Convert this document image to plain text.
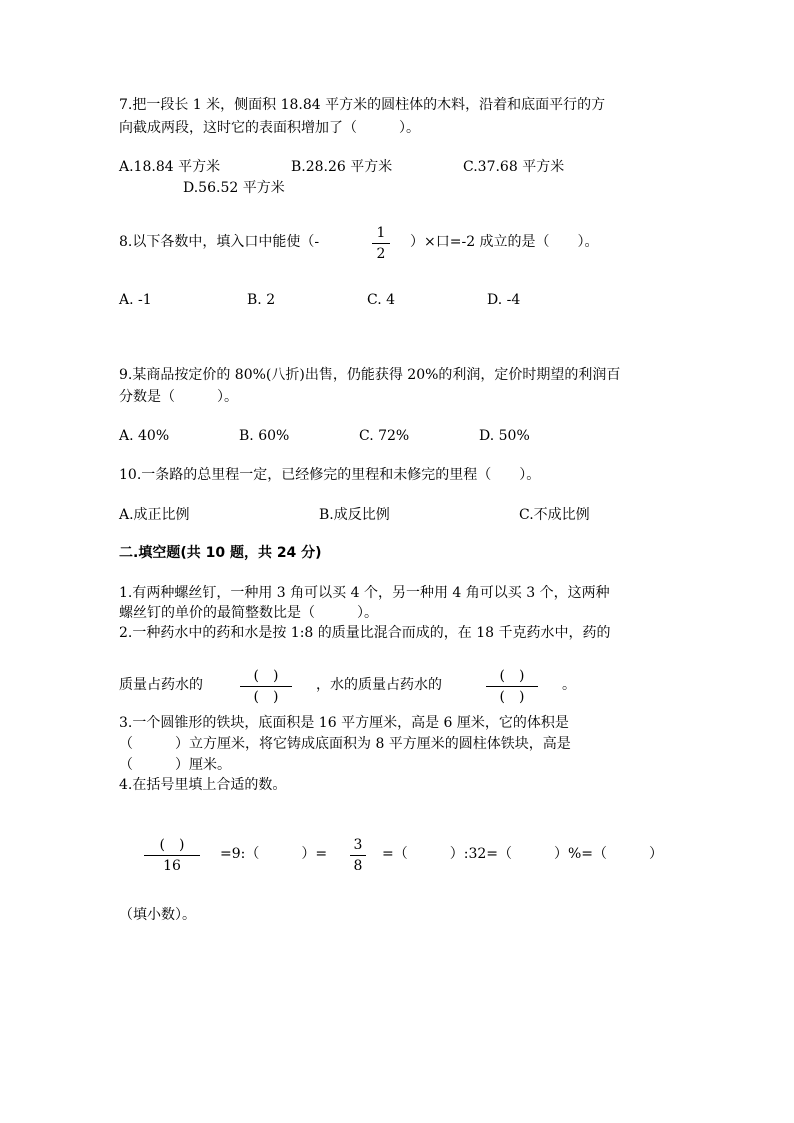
7.把一段长 1 米，侧面积 18.84 平方米的圆柱体的木料，沿着和底面平行的方
向截成两段，这时它的表面积增加了（　　　）。
A.18.84 平方米	B.28.26 平方米	C.37.68 平方米
D.56.52 平方米
8.以下各数中，填入口中能使（-
1
2
）×口=-2 成立的是（　　）。
A. -1	B. 2	C. 4	D. -4
9.某商品按定价的 80%(八折)出售，仍能获得 20%的利润，定价时期望的利润百
分数是（　　　）。
A. 40%	B. 60%	C. 72%	D. 50%
10.一条路的总里程一定，已经修完的里程和未修完的里程（　　）。
A.成正比例	B.成反比例	C.不成比例
二.填空题(共 10 题，共 24 分)
1.有两种螺丝钉，一种用 3 角可以买 4 个，另一种用 4 角可以买 3 个，这两种
螺丝钉的单价的最简整数比是（　　　）。
2.一种药水中的药和水是按 1:8 的质量比混合而成的，在 18 千克药水中，药的
质量占药水的
(　)
(　)
，水的质量占药水的
(　)
(　)
。
3.一个圆锥形的铁块，底面积是 16 平方厘米，高是 6 厘米，它的体积是
（　　　）立方厘米，将它铸成底面积为 8 平方厘米的圆柱体铁块，高是
（　　　）厘米。
4.在括号里填上合适的数。
(　)
16
=9:（　　　）=
3
8
=（　　　）:32=（　　　）%=（　　　）
（填小数）。
